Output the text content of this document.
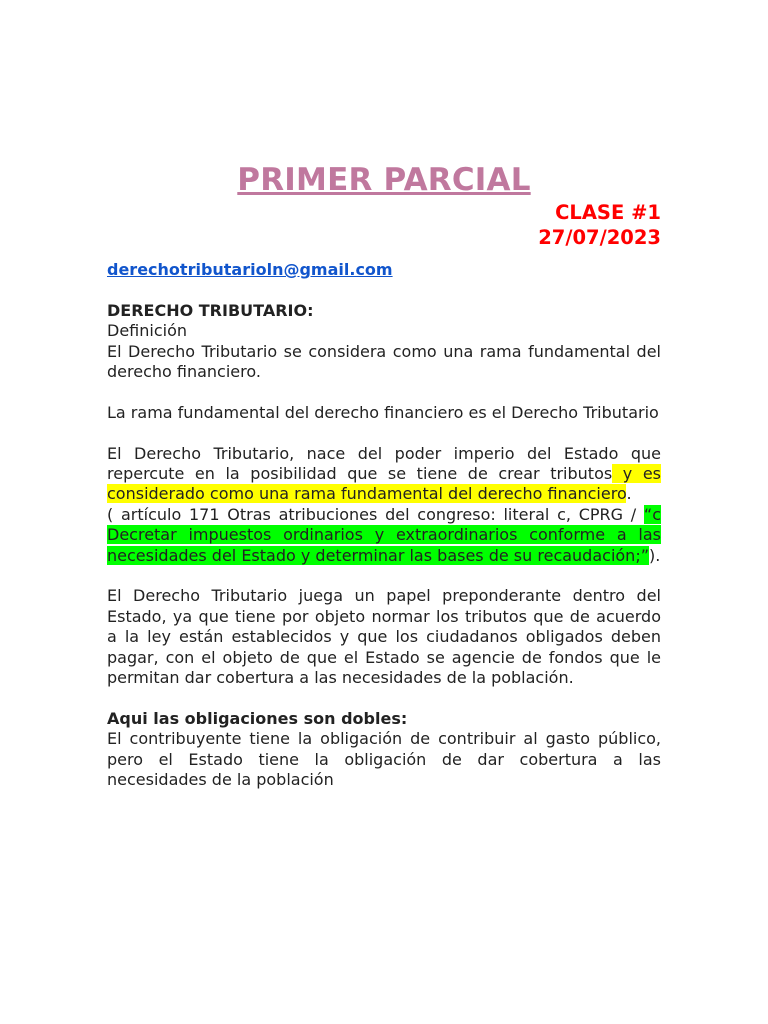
PRIMER PARCIAL
CLASE #1
27/07/2023
derechotributarioln@gmail.com
DERECHO TRIBUTARIO:
Definición
El Derecho Tributario se considera como una rama fundamental del derecho financiero.
La rama fundamental del derecho financiero es el Derecho Tributario
El Derecho Tributario, nace del poder imperio del Estado que repercute en la posibilidad que se tiene de crear tributos y es considerado como una rama fundamental del derecho financiero.
( artículo 171 Otras atribuciones del congreso: literal c, CPRG / “c Decretar impuestos ordinarios y extraordinarios conforme a las necesidades del Estado y determinar las bases de su recaudación;”).
El Derecho Tributario juega un papel preponderante dentro del Estado, ya que tiene por objeto normar los tributos que de acuerdo a la ley están establecidos y que los ciudadanos obligados deben pagar, con el objeto de que el Estado se agencie de fondos que le permitan dar cobertura a las necesidades de la población.
Aqui las obligaciones son dobles:
El contribuyente tiene la obligación de contribuir al gasto público, pero el Estado tiene la obligación de dar cobertura a las necesidades de la población
